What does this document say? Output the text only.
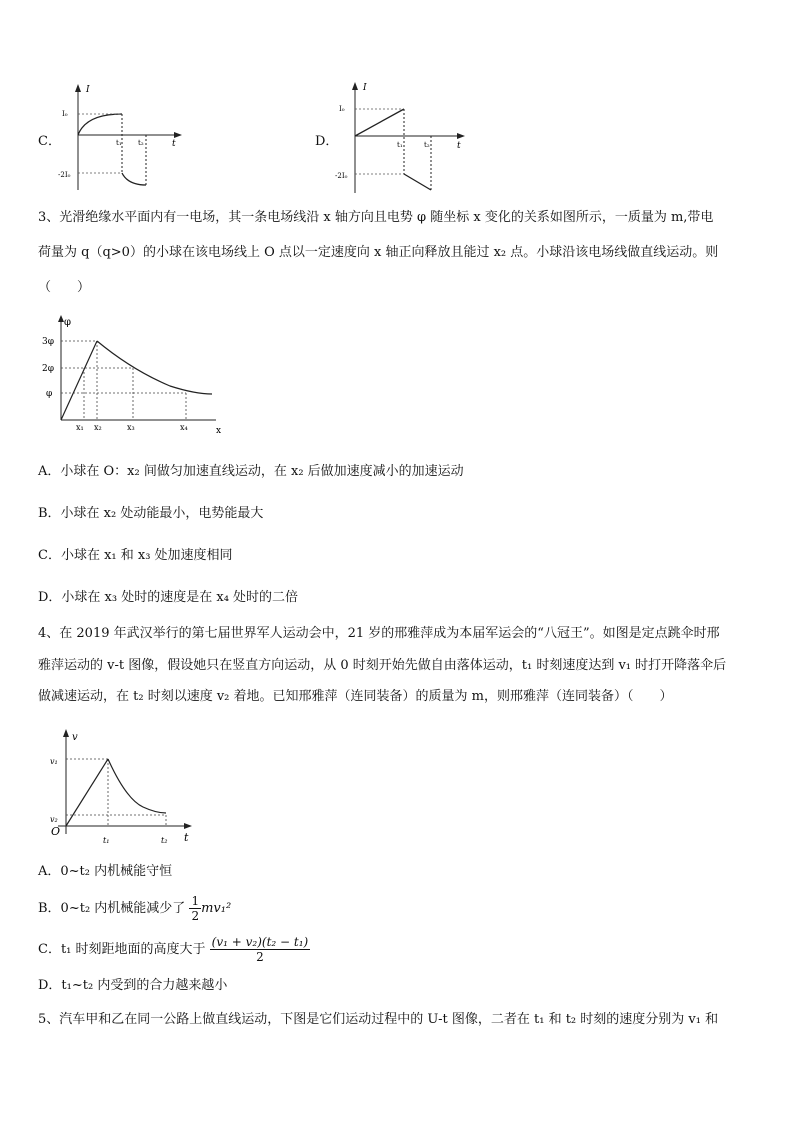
C．
I
t
I₀
-2I₀
t₁ t₂	D．
I
t
I₀
-2I₀
t₁	t₂
3、光滑绝缘水平面内有一电场，其一条电场线沿 x 轴方向且电势 φ 随坐标 x 变化的关系如图所示，一质量为 m,带电
荷量为 q（q>0）的小球在该电场线上 O 点以一定速度向 x 轴正向释放且能过 x₂ 点。小球沿该电场线做直线运动。则
（　　）
φ
x
3φ
2φ
φ
x₁ x₂	x₃	x₄
A．小球在 O：x₂ 间做匀加速直线运动，在 x₂ 后做加速度减小的加速运动
B．小球在 x₂ 处动能最小，电势能最大
C．小球在 x₁ 和 x₃ 处加速度相同
D．小球在 x₃ 处时的速度是在 x₄ 处时的二倍
4、在 2019 年武汉举行的第七届世界军人运动会中，21 岁的邢雅萍成为本届军运会的“八冠王”。如图是定点跳伞时邢
雅萍运动的 v-t 图像，假设她只在竖直方向运动，从 0 时刻开始先做自由落体运动，t₁ 时刻速度达到 v₁ 时打开降落伞后
做减速运动，在 t₂ 时刻以速度 v₂ 着地。已知邢雅萍（连同装备）的质量为 m，则邢雅萍（连同装备）（　　）
v
t
O
v₁
v₂
t₁	t₂
A．0~t₂ 内机械能守恒
B．0~t₂ 内机械能减少了 $\frac{1}{2} mv_1^2$
C．t₁ 时刻距地面的高度大于 $\frac{\text{(v₁ + v₂)(t₂ − t₁)}}{2}$
D．t₁~t₂ 内受到的合力越来越小
5、汽车甲和乙在同一公路上做直线运动，下图是它们运动过程中的 U-t 图像，二者在 t₁ 和 t₂ 时刻的速度分别为 v₁ 和
